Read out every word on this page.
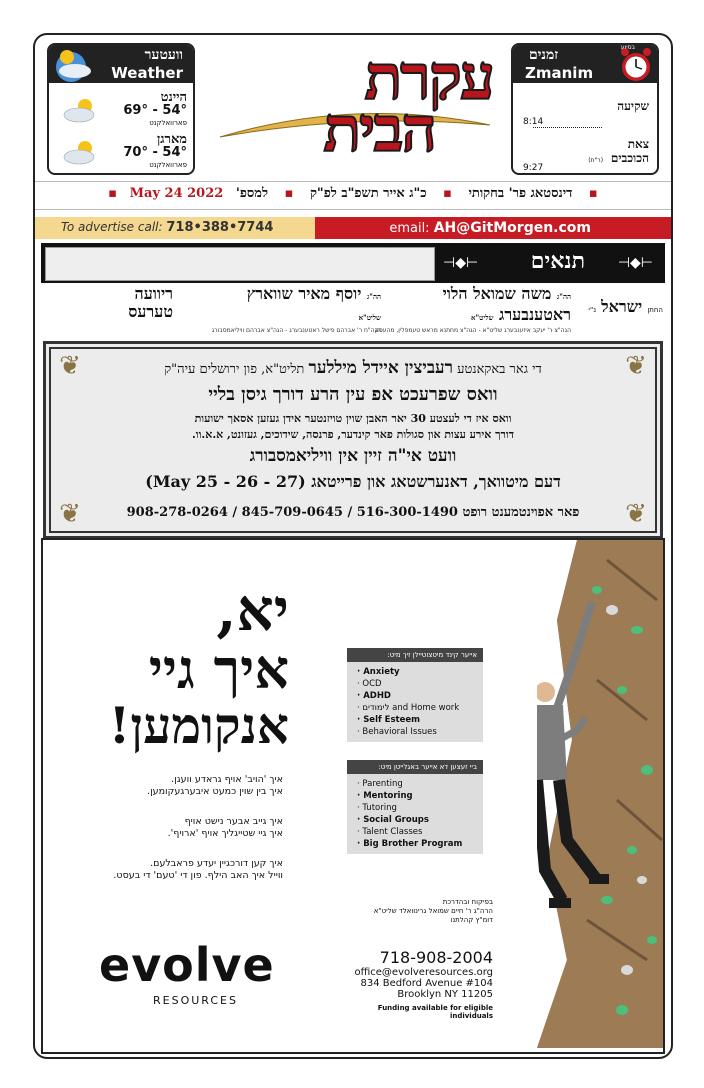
וועטער
Weather
היינט
69° - 54°
פארוואלקנט
מארגן
70° - 54°
פארוואלקנט
עקרת
הבית
בסיוע
זמנים
Zmanim
שקיעה
8:14
צאת
הכוכבים (ר"ת)
9:27
▪ דינסטאג פר' בחקותי ▪ כ"ג אייר תשפ"ב לפ"ק ▪ למספ' May 24 2022 ▪
To advertise call: 718•388•7744	email: AH@GitMorgen.com
⊣◆⊢ תנאים ⊣◆⊢
החתן ישראל נ"י
הה"ג משה שמואל הלוי ראטענבערג שליט"א
הגה"צ ר' יעקב איזענבערג שליט"א - הגה"צ מחתנא מראש טעמפלין, מהעסק
הה"ג יוסף מאיר שווארץ שליט"א
הגה"ח ר' אברהם פישל ראטענבערג - הגה"צ אברהם וויליאמסבורג
ריוועה טערעס
❦	❦
❦	❦
די גאר באקאנטע רעביצין איידל מיללער תליט"א, פון ירושלים עיה"ק
וואס שפרעכט אפ עין הרע דורך גיסן בליי
וואס איז די לעצטע 30 יאר האבן שוין טויזנטער אידן געזען אסאך ישועות
דורך אירע עצות און סגולות פאר קינדער, פרנסה, שידוכים, געזונט, א.א.וו.
וועט אי"ה זיין אין וויליאמסבורג
דעם מיטוואך, דאנערשטאג און פרייטאג (May 25 - 26 - 27)
פאר אפוינטמענט רופט 908-278-0264 / 845-709-0645 / 516-300-1490
יא,
איך גיי
אנקומען!
איך 'הויב' אויף גראדע וועגן.
איך בין שוין כמעט איבערגעקומען.
איך גייב אבער נישט אויף
איך גיי שטייגליך אויף 'ארויף'.
איך קען דורכגיין יעדע פראבלעם.
ווייל איך האב הילף. פון די 'טעם' די בעסט.
אייער קינד מיטצוטיילן זיך מיט:
· Anxiety
· OCD
· ADHD
· לימודים and Home work
· Self Esteem
· Behavioral Issues
ביי זעצען דא אייער באגלייטן מיט:
· Parenting
· Mentoring
· Tutoring
· Social Groups
· Talent Classes
· Big Brother Program
evolve
RESOURCES
בפיקוח ובהדרכת
הרה"ג ר' חיים שמואל גרינוואלד שליט"א
דומ"ץ קהלתנו
718-908-2004
office@evolveresources.org
834 Bedford Avenue #104
Brooklyn NY 11205
Funding available for eligible individuals
